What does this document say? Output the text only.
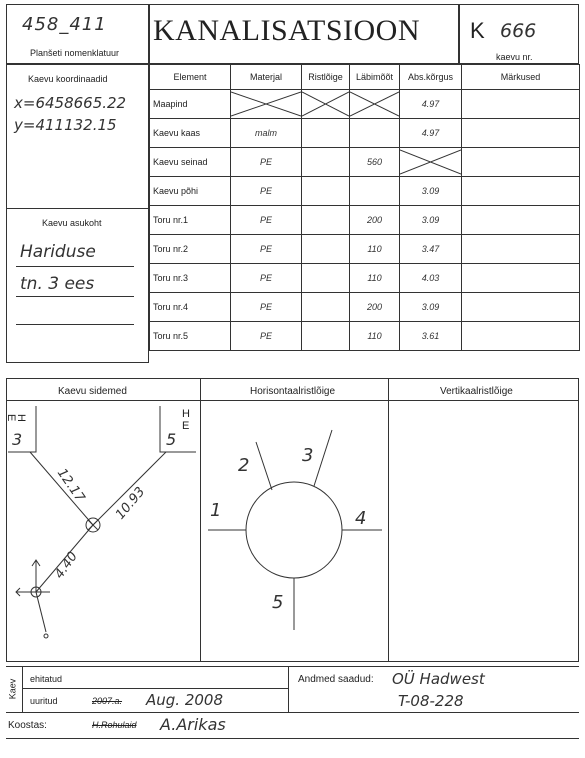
458_411
Planšeti nomenklatuur
KANALISATSIOON K 666
kaevu nr.
Kaevu koordinaadid
x=6458665.22
y=411132.15
Kaevu asukoht
Hariduse
tn. 3 ees
Element	Materjal	Ristlõige	Läbimõõt	Abs.kõrgus	Märkused
Maapind				4.97	
Kaevu kaas	malm			4.97	
Kaevu seinad	PE		560	

Kaevu põhi	PE			3.09	
Toru nr.1	PE		200	3.09	
Toru nr.2	PE		110	3.47	
Toru nr.3	PE		110	4.03	
Toru nr.4	PE		200	3.09	
Toru nr.5	PE		110	3.61	
Kaevu sidemed	Horisontaalristlõige	Vertikaalristlõige
3
H
E
5
H
E
12.17 10.93
4.40
1
2	3
4
5
Kaev ehitatud
uuritud	2007.a. Aug. 2008
Andmed saadud: OÜ Hadwest
T-08-228
Koostas:	H.Rohulaid A.Arikas
